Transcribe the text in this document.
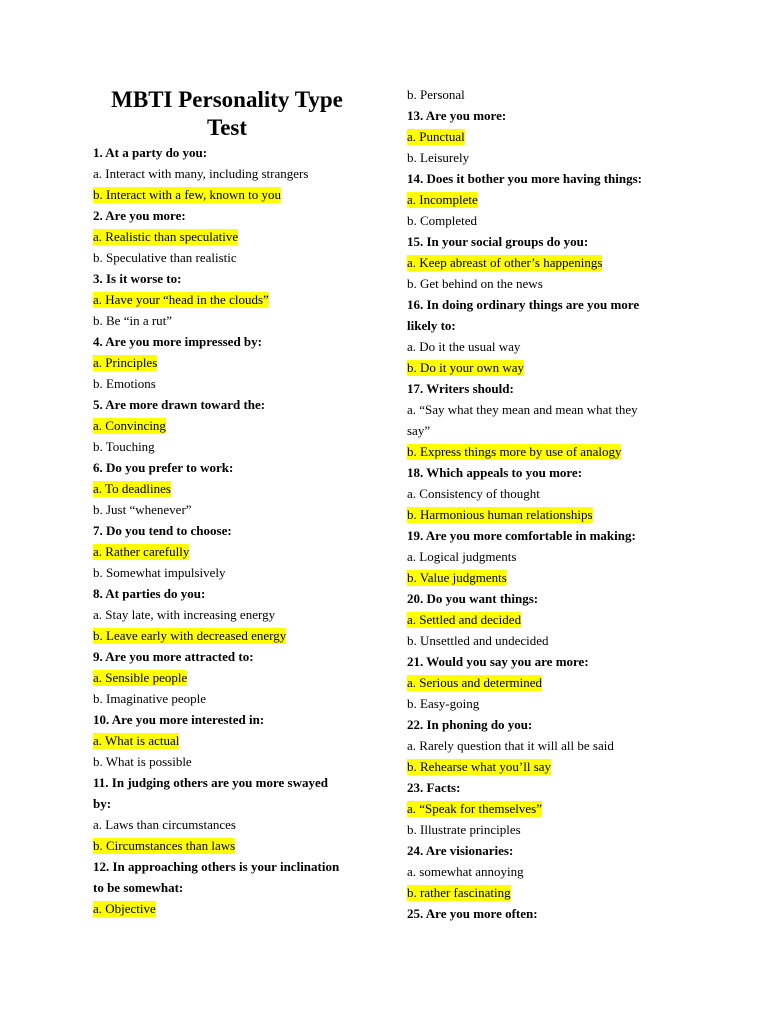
MBTI Personality Type Test
1. At a party do you:
a. Interact with many, including strangers
b. Interact with a few, known to you
2. Are you more:
a. Realistic than speculative
b. Speculative than realistic
3. Is it worse to:
a. Have your “head in the clouds”
b. Be “in a rut”
4. Are you more impressed by:
a. Principles
b. Emotions
5. Are more drawn toward the:
a. Convincing
b. Touching
6. Do you prefer to work:
a. To deadlines
b. Just “whenever”
7. Do you tend to choose:
a. Rather carefully
b. Somewhat impulsively
8. At parties do you:
a. Stay late, with increasing energy
b. Leave early with decreased energy
9. Are you more attracted to:
a. Sensible people
b. Imaginative people
10. Are you more interested in:
a. What is actual
b. What is possible
11. In judging others are you more swayed
by:
a. Laws than circumstances
b. Circumstances than laws
12. In approaching others is your inclination
to be somewhat:
a. Objective
b. Personal
13. Are you more:
a. Punctual
b. Leisurely
14. Does it bother you more having things:
a. Incomplete
b. Completed
15. In your social groups do you:
a. Keep abreast of other’s happenings
b. Get behind on the news
16. In doing ordinary things are you more
likely to:
a. Do it the usual way
b. Do it your own way
17. Writers should:
a. “Say what they mean and mean what they
say”
b. Express things more by use of analogy
18. Which appeals to you more:
a. Consistency of thought
b. Harmonious human relationships
19. Are you more comfortable in making:
a. Logical judgments
b. Value judgments
20. Do you want things:
a. Settled and decided
b. Unsettled and undecided
21. Would you say you are more:
a. Serious and determined
b. Easy-going
22. In phoning do you:
a. Rarely question that it will all be said
b. Rehearse what you’ll say
23. Facts:
a. “Speak for themselves”
b. Illustrate principles
24. Are visionaries:
a. somewhat annoying
b. rather fascinating
25. Are you more often:
